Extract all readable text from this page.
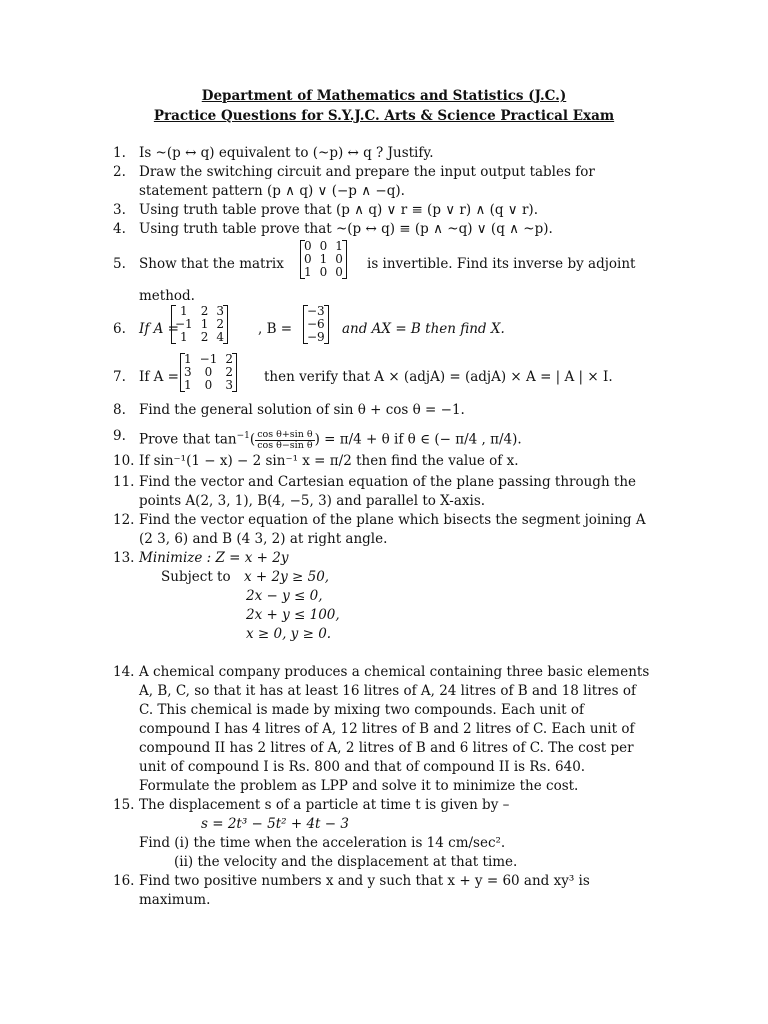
Department of Mathematics and Statistics (J.C.)
Practice Questions for S.Y.J.C. Arts & Science Practical Exam
1. Is ~(p ↔ q) equivalent to (~p) ↔ q ? Justify.
2. Draw the switching circuit and prepare the input output tables for
statement pattern (p ∧ q) ∨ (−p ∧ −q).
3. Using truth table prove that (p ∧ q) ∨ r ≡ (p ∨ r) ∧ (q ∨ r).
4. Using truth table prove that ~(p ↔ q) ≡ (p ∧ ~q) ∨ (q ∧ ~p).
5. Show that the matrix	is invertible. Find its inverse by adjoint
method.
0	0	1
0	1	0
1	0	0
6. If A =	, B =	and AX = B then find X.
1	2	3
−1	1	2
1	2	4
−3
−6
−9
7. If A =	then verify that A × (adjA) = (adjA) × A = | A | × I.
1	−1	2
3	0	2
1	0	3
8. Find the general solution of sin θ + cos θ = −1.
9. Prove that $\tan^{-1}( \frac{\text{cos θ+sin θ}}{\text{cos θ−sin θ}}$ ) = π/4 + θ if θ ∈ (− π/4 , π/4).
10. If sin⁻¹(1 − x) − 2 sin⁻¹ x = π/2 then find the value of x.
11. Find the vector and Cartesian equation of the plane passing through the
points A(2, 3, 1), B(4, −5, 3) and parallel to X-axis.
12. Find the vector equation of the plane which bisects the segment joining A
(2 3, 6) and B (4 3, 2) at right angle.
13. Minimize : Z = x + 2y
Subject to x + 2y ≥ 50,
2x − y ≤ 0,
2x + y ≤ 100,
x ≥ 0, y ≥ 0.
14. A chemical company produces a chemical containing three basic elements
A, B, C, so that it has at least 16 litres of A, 24 litres of B and 18 litres of
C. This chemical is made by mixing two compounds. Each unit of
compound I has 4 litres of A, 12 litres of B and 2 litres of C. Each unit of
compound II has 2 litres of A, 2 litres of B and 6 litres of C. The cost per
unit of compound I is Rs. 800 and that of compound II is Rs. 640.
Formulate the problem as LPP and solve it to minimize the cost.
15. The displacement s of a particle at time t is given by –
s = 2t³ − 5t² + 4t − 3
Find (i) the time when the acceleration is 14 cm/sec².
(ii) the velocity and the displacement at that time.
16. Find two positive numbers x and y such that x + y = 60 and xy³ is
maximum.
